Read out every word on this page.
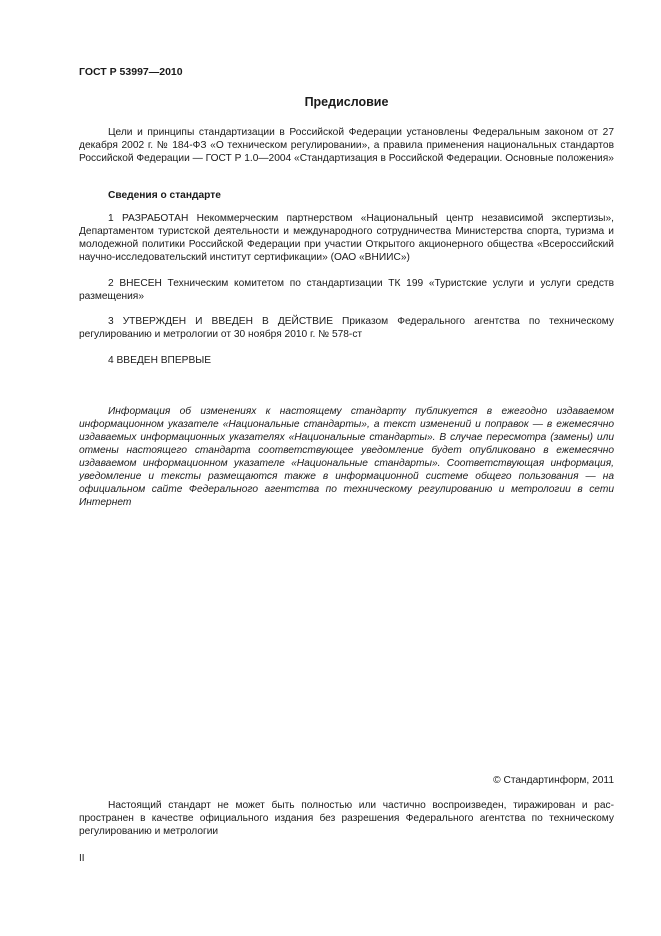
ГОСТ Р 53997—2010
Предисловие

Цели и принципы стандартизации в Российской Федерации установлены Федеральным законом от 27 декабря 2002 г. № 184-ФЗ «О техническом регулировании», а правила применения национальных стандартов Российской Федерации — ГОСТ Р 1.0—2004 «Стандартизация в Российской Федерации. Основные положения»

Сведения о стандарте

1 РАЗРАБОТАН Некоммерческим партнерством «Национальный центр независимой экспертизы», Департаментом туристской деятельности и международного сотрудничества Министерства спорта, туризма и молодежной политики Российской Федерации при участии Открытого акционерного общества «Всероссийский научно-исследовательский институт сертификации» (ОАО «ВНИИС»)

2 ВНЕСЕН Техническим комитетом по стандартизации ТК 199 «Туристские услуги и услуги средств размещения»

3 УТВЕРЖДЕН И ВВЕДЕН В ДЕЙСТВИЕ Приказом Федерального агентства по техническому регулированию и метрологии от 30 ноября 2010 г. № 578-ст

4 ВВЕДЕН ВПЕРВЫЕ

Информация об изменениях к настоящему стандарту публикуется в ежегодно издаваемом информационном указателе «Национальные стандарты», а текст изменений и поправок — в ежемесячно издаваемых информационных указателях «Национальные стандарты». В случае пересмотра (замены) или отмены настоящего стандарта соответствующее уведомление будет опубликовано в ежемесячно издаваемом информационном указателе «Национальные стандарты». Соответствующая информация, уведомление и тексты размещаются также в информационной системе общего пользования — на официальном сайте Федерального агентства по техническому регулированию и метрологии в сети Интернет

© Стандартинформ, 2011

Настоящий стандарт не может быть полностью или частично воспроизведен, тиражирован и распространен в качестве официального издания без разрешения Федерального агентства по техническому регулированию и метрологии

II
